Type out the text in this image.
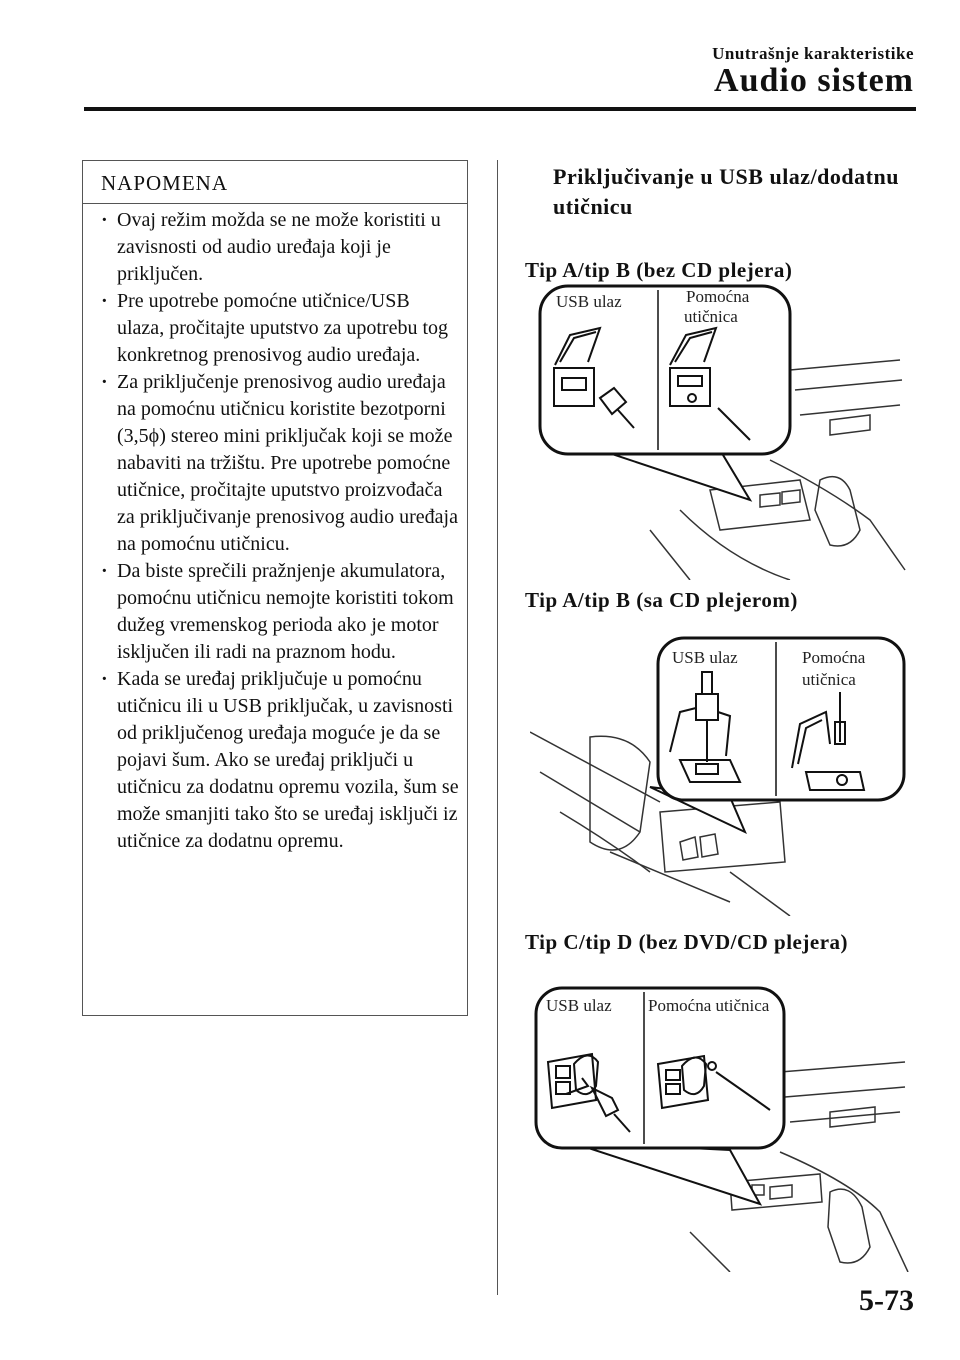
Unutrašnje karakteristike
Audio sistem
NAPOMENA
· Ovaj režim možda se ne može koristiti u zavisnosti od audio uređaja koji je priključen.
· Pre upotrebe pomoćne utičnice/USB ulaza, pročitajte uputstvo za upotrebu tog konkretnog prenosivog audio uređaja.
· Za priključenje prenosivog audio uređaja na pomoćnu utičnicu koristite bezotporni (3,5ϕ) stereo mini priključak koji se može nabaviti na tržištu. Pre upotrebe pomoćne utičnice, pročitajte uputstvo proizvođača za priključivanje prenosivog audio uređaja na pomoćnu utičnicu.
· Da biste sprečili pražnjenje akumulatora, pomoćnu utičnicu nemojte koristiti tokom dužeg vremenskog perioda ako je motor isključen ili radi na praznom hodu.
· Kada se uređaj priključuje u pomoćnu utičnicu ili u USB priključak, u zavisnosti od priključenog uređaja moguće je da se pojavi šum. Ako se uređaj priključi u utičnicu za dodatnu opremu vozila, šum se može smanjiti tako što se uređaj isključi iz utičnice za dodatnu opremu.
Priključivanje u USB ulaz/dodatnu utičnicu
Tip A/tip B (bez CD plejera)
USB ulaz	Pomoćna
utičnica
Tip A/tip B (sa CD plejerom)
USB ulaz	Pomoćna
utičnica
Tip C/tip D (bez DVD/CD plejera)
USB ulaz Pomoćna utičnica
5-73
